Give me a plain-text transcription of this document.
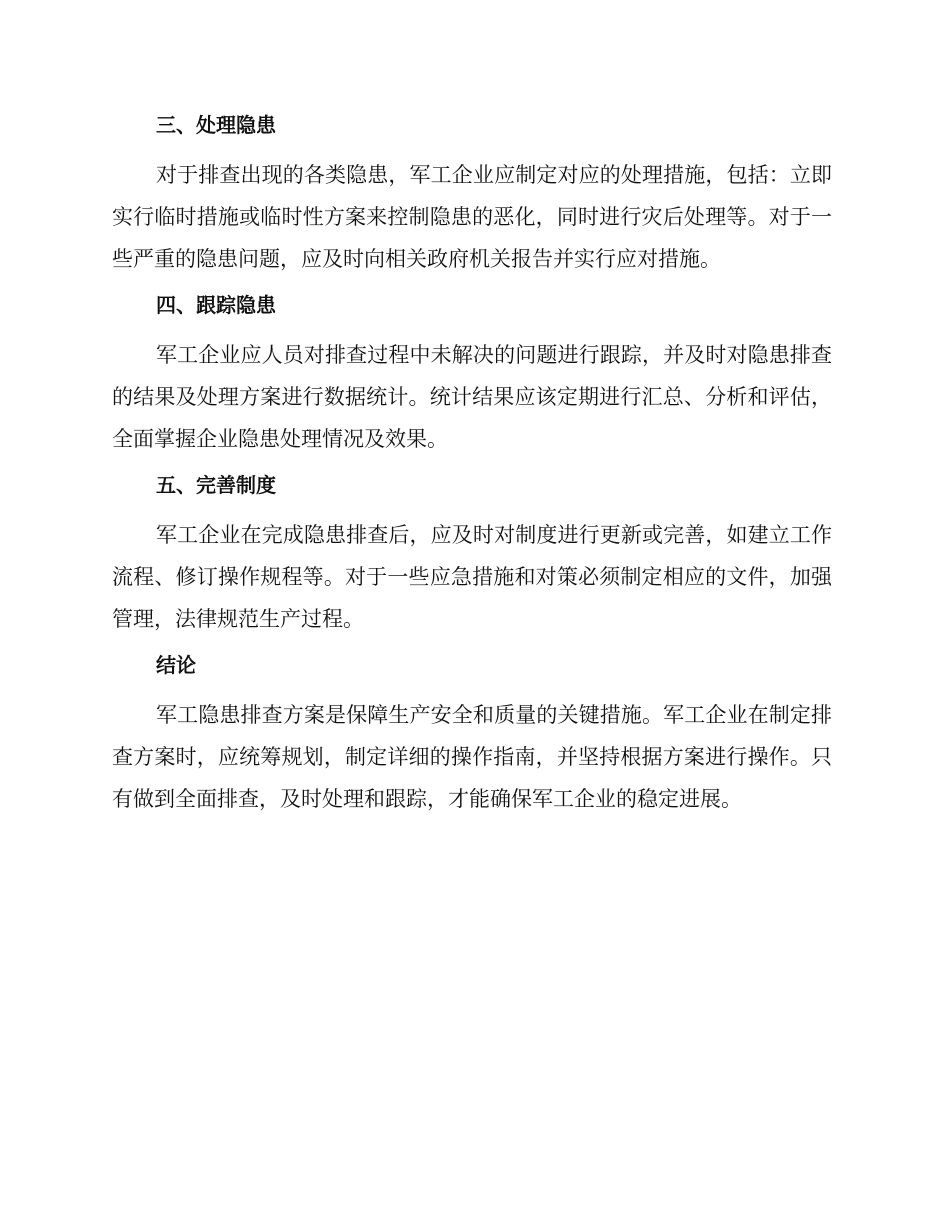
三、处理隐患

对于排查出现的各类隐患，军工企业应制定对应的处理措施，包括：立即实行临时措施或临时性方案来控制隐患的恶化，同时进行灾后处理等。对于一些严重的隐患问题，应及时向相关政府机关报告并实行应对措施。

四、跟踪隐患

军工企业应人员对排查过程中未解决的问题进行跟踪，并及时对隐患排查的结果及处理方案进行数据统计。统计结果应该定期进行汇总、分析和评估，全面掌握企业隐患处理情况及效果。

五、完善制度

军工企业在完成隐患排查后，应及时对制度进行更新或完善，如建立工作流程、修订操作规程等。对于一些应急措施和对策必须制定相应的文件，加强管理，法律规范生产过程。

结论

军工隐患排查方案是保障生产安全和质量的关键措施。军工企业在制定排查方案时，应统筹规划，制定详细的操作指南，并坚持根据方案进行操作。只有做到全面排查，及时处理和跟踪，才能确保军工企业的稳定进展。
